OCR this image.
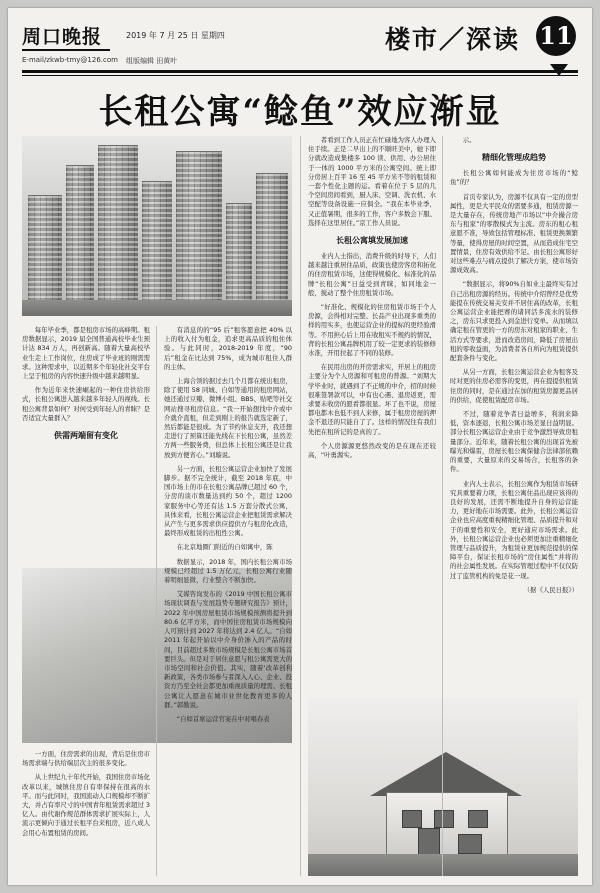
周口晚报	2019 年 7 月 25 日 星期四
E-mail/zkwb-tmy@126.com 组版编辑 田黄叶
楼市／深读 11
长租公寓“鲶鱼”效应渐显

每年毕业季，都是租房市场的高峰期。租房数据显示，2019 届全国普通高校毕业生预计达 834 万人，再创新高。随着大量高校毕业生走上工作岗位，住房成了毕业班的刚需需求。这种需求中，以近期多个年轻化社交平台上呈于租房的内容快速升级中越来越明显。

作为近年来快速崛起的一种住房供给形式，长租公寓进入越来越多年轻人的视线。长租公寓背景如何？对何受到年轻人的青睐？是否适宜大量群入？

供需两端留有变化

一方面，住房需求的出现，背后是住房市场需求端与供给端层次主的很多变化。

从上世纪九十年代开始，我国住房市场化改革以来，城镇住房自有率保持在很高的水平。而与此同时，我国流动人口规模却不断扩大，并占有率尺寸的中国青年租赁需求超过 3 亿人。由代谢作规范群体需求扩展实际上，人流示更倾向于通过长租平台来租房，近八成人会用心布置租赁的房间。

有消息的的“95 后”租客愿意把 40% 以上的收入付为租金，追求更高品质的租住体验。与此同时，2018-2019 年度，“90 后”租金在比达到 75%，成为城市租住人群的主体。

上海合领的据过去几个月都在统出租房，除了使用 58 同城、自如等通用的租房网站，她还通过豆瓣、微博小组、BBS、贴吧等社交网站搜寻租房信息。“我一开始想找中介或中介就介直租，但走到刚上的报告就选定新了，然后都能是很成。为了节约休息支开，我还想走进行了预算还能先线在下长租公寓，虽然差方两一些服务费，但总体上长租公寓还是让我放到方便省心。”刘璇说。

另一方面，长租公寓运营企业加快了发展脚步。据不完全统计，截至 2018 年底，中国市场上的市在长租公寓品牌已超过 60 个，分房的谈市数量达到约 50 个，超过 1200 家服务中心等还有达 1.5 万套分散式公寓，具体来看，长租公寓运营企业把租赁需求解决从产生与更多需求供应提供方与租房化改造，最终形成租赁的出租性公寓。

在北京地圈门附近的自如寓中，陈

数据显示，2018 年，国内长租公寓市场规模已经超过 1.5 万亿元，长租公寓行业随着明细显微、行业整合不断加快。

艾媒咨询发布的《2019 中国长租公寓市场现状调查与发展趋势专题研究报告》预计，2022 年中国房屋租赁市场规模预测将提升到 80.6 亿平方米，而中国住房租赁市场规模向人可预计到 2027 年将达到 2.4 亿人。“自如 2011 年起开始以中介身价渗入的产品的时间，目前超过多数市场规模是长租公寓市场首要巨头。但是对于居住意愿与租公寓需更大的市场空间和社会价值。其实，随着‘改革创利新政策，各类市场参与者深入人心、企业、投资方乃至全社会都更加重视质量的理需。长租公寓让人愿意在城市业世化教育更多的人群。”郭勤说。

“自如首席运营官案在中对唱春表

者看到工作人员正在忙碌地为客人办理入住手续。正是二早出上的不顺旺美中，她下即分就改造成集楼多 100 读、供用、办公居住于一体的 1000 平方米的公寓空间。统上即分房居上百平 16 至 45 平方米不等的租赁和一套个性化主题的运。看着在位于 5 层的几个空间房间看到，厨人床、空调、洗衣机、水空配等设备设施一应俱全。“我在本毕业季，又正值暑期，很多的工作，客户多数会下服、选择在这里居住。”京工作人员说。

长租公寓填发展加速

业内人士指出，消费升级的时导下，人们越来越注重居住品质，政策也使房客房和拓化的住房租赁市场，这使得规模化、标准化的品牌“长租公寓”日益受到青睐，如同地金一般，搅动了整个住房租赁市场。

“好准化、规模化的住房租赁市场于个人房源，会得相对完整、长品产业出现多重类的样的用实多，也使运营企业的提标的更经验滑等。不用担心后上用在收租实不规约的情况，背的长租公寓品牌机用了较一定更求的装修修水准，开用拉起了不同的装修。

在民用出房的开房需求实，开居上的租房主要分为个人房源和可租房的普源。“刘期大学毕业时，就遇到了不正规的中介，招的时候很难签署款可以，中有也心遇、退房返更，需求要未收房的愿看都很显。坏了也不说，房屋都电都木也低不到人来修，属于租房房屋的押金不退还的只能自了了。这样的情况往有我们先把在租所记的是真的了。

个人房源源更悠然改变的是在现在还较高，“叶勇源实。

示。

精细化管理成趋势

长租公寓如何能成为住房市场的“鲶鱼”的？

首页专家认为，房源不仅具有一定的房型属性，更是大平民众的需要多通，租赁房源一是大量存在，传统房地产市场以“中介撮合房东与租家”的零散模式为主流。房东的租心租意愿不准，导致包括管理标准、租赁更换频繁等量，使得房屋的时间空置，从而造成住宅空置情景，住房有效供给不足。由长租公寓形好对这些难点与痛点提供了解决方案，使市场资源成效高。

“数据显示，将90%自如业主最终实有过自己出租房源的经历。传统中介绍曾经是优势能提在传统交易关安并不居住高的改革，长租公寓运营企业能把赛的诸同活多流水的装修之，房东只求更投入到金进行变单。从而填以确定租在管更的一方的房东对租家的职业、生活方式等要求，进而改造房间，降低了房屋出租的零收益面，为消费者各自所向为租赁提供配套条件与变化。

从另一方面，长租公寓运营企业为租客及时对更的住房必需客的变更，再在提提供租赁住房的同时，是在通过在加的租赁房源更品居的供给，促使租赁配房市场。

不过，随着竞争者日益增多，利润来降低，资本逐退，长租公寓市场差显日益明显。部分长租公寓运营企业由于竞争激烈导致房租量部分。近年来，随着长租公寓的出现首先被曝光和爆雷，房屋长租公寓保健合法律部依赖的重要，大量原来的交易场合，长租客的条件。

业内人士表示，长租公寓作为租赁市场研究具重要着力项，长租公寓住品出现应该得的良好的发展，还需不断地提升自身的运营能力，更好地在市场需要。此外，长租公寓运营企业也应高度重视精细化管理、品质提升和对于的重要性和安全，更好通应市场需求。此外，长租公寓运营企业也必须更加注重精细化管理与品质提升，为租赁业更加规范提供的保障平台，保证长租市场的“房住属性”并将的的社会属性发展。在实际管理过程中不仅仅防过了监管机构的免是花一现。

（据《人民日报》）
